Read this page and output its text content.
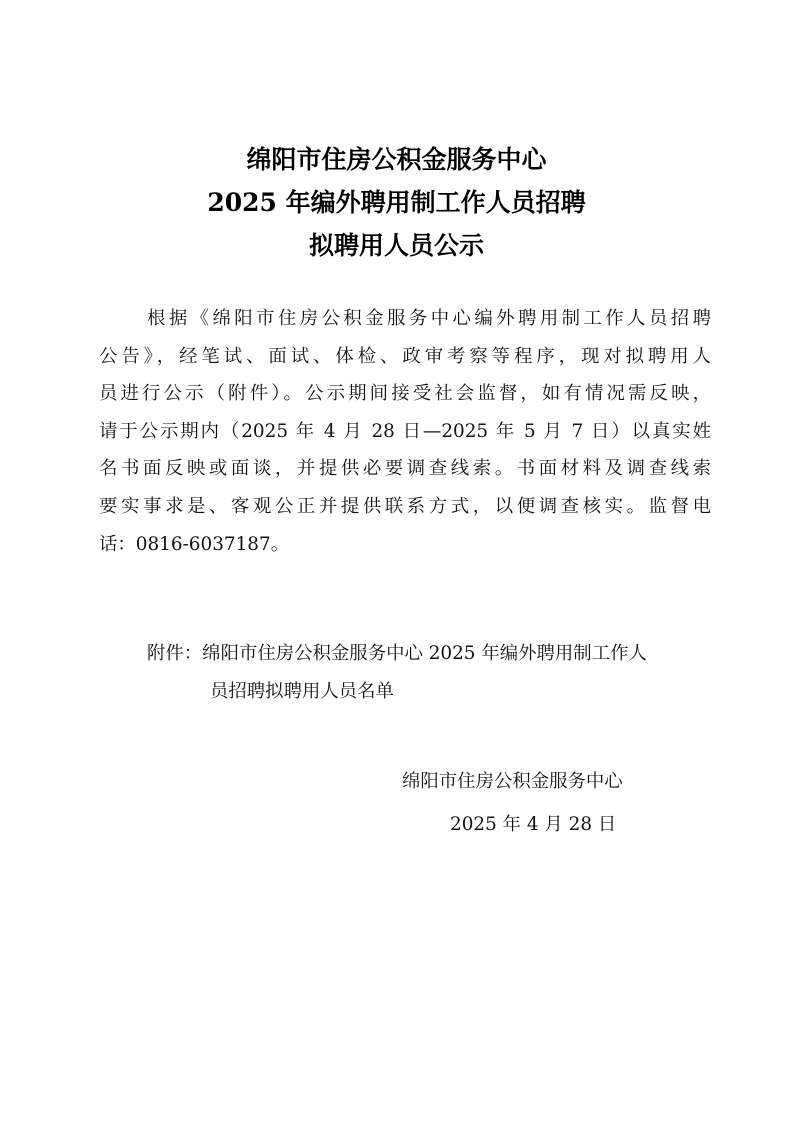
绵阳市住房公积金服务中心
2025 年编外聘用制工作人员招聘
拟聘用人员公示
根据《绵阳市住房公积金服务中心编外聘用制工作人员招聘
公告》，经笔试、面试、体检、政审考察等程序，现对拟聘用人
员进行公示（附件）。公示期间接受社会监督，如有情况需反映，
请于公示期内（2025 年 4 月 28 日—2025 年 5 月 7 日）以真实姓
名书面反映或面谈，并提供必要调查线索。书面材料及调查线索
要实事求是、客观公正并提供联系方式，以便调查核实。监督电
话：0816-6037187。
附件：绵阳市住房公积金服务中心 2025 年编外聘用制工作人
员招聘拟聘用人员名单
绵阳市住房公积金服务中心
2025 年 4 月 28 日
